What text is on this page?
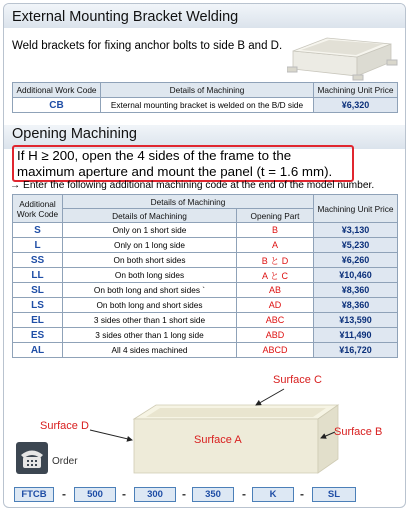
External Mounting Bracket Welding
Weld brackets for fixing anchor bolts to side B and D.
Additional Work Code	Details of Machining	Machining Unit Price
CB	External mounting bracket is welded on the B/D side	¥6,320
Opening Machining
If H ≥ 200, open the 4 sides of the frame to the maximum aperture and mount the panel (t = 1.6 mm).
→ Enter the following additional machining code at the end of the model number.
Additional Work Code	Details of Machining		Machining Unit Price
	Details of Machining	Opening Part	
S	Only on 1 short side	B	¥3,130
L	Only on 1 long side	A	¥5,230
SS	On both short sides	B と D	¥6,260
LL	On both long sides	A と C	¥10,460
SL	On both long and short sides `	AB	¥8,360
LS	On both long and short sides	AD	¥8,360
EL	3 sides other than 1 short side	ABC	¥13,590
ES	3 sides other than 1 long side	ABD	¥11,490
AL	All 4 sides machined	ABCD	¥16,720
Surface C
Surface D
Surface A
Surface B
Order
FTCB	-	500	-	300	-	350	-	K	-	SL
